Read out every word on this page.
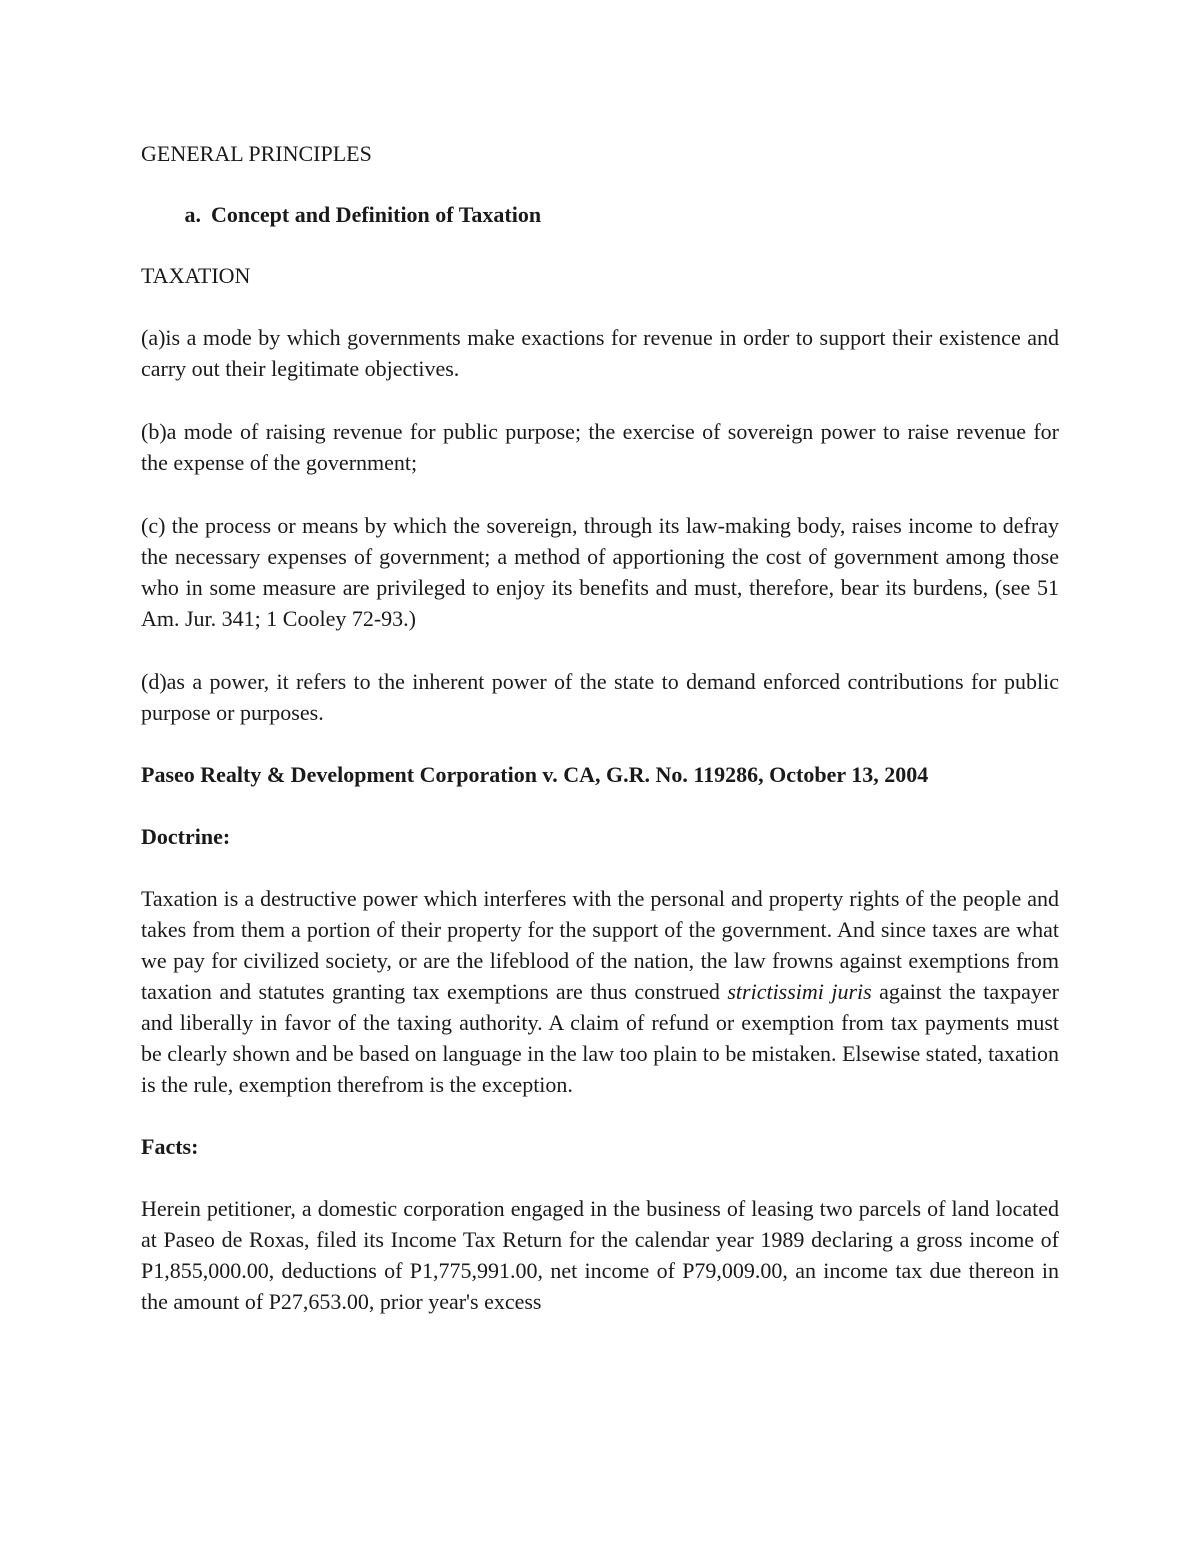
GENERAL PRINCIPLES

a. Concept and Definition of Taxation

TAXATION

(a)is a mode by which governments make exactions for revenue in order to support their existence and carry out their legitimate objectives.

(b)a mode of raising revenue for public purpose; the exercise of sovereign power to raise revenue for the expense of the government;

(c) the process or means by which the sovereign, through its law-making body, raises income to defray the necessary expenses of government; a method of apportioning the cost of government among those who in some measure are privileged to enjoy its benefits and must, therefore, bear its burdens, (see 51 Am. Jur. 341; 1 Cooley 72-93.)

(d)as a power, it refers to the inherent power of the state to demand enforced contributions for public purpose or purposes.

Paseo Realty & Development Corporation v. CA, G.R. No. 119286, October 13, 2004

Doctrine:

Taxation is a destructive power which interferes with the personal and property rights of the people and takes from them a portion of their property for the support of the government. And since taxes are what we pay for civilized society, or are the lifeblood of the nation, the law frowns against exemptions from taxation and statutes granting tax exemptions are thus construed strictissimi juris against the taxpayer and liberally in favor of the taxing authority. A claim of refund or exemption from tax payments must be clearly shown and be based on language in the law too plain to be mistaken. Elsewise stated, taxation is the rule, exemption therefrom is the exception.

Facts:

Herein petitioner, a domestic corporation engaged in the business of leasing two parcels of land located at Paseo de Roxas, filed its Income Tax Return for the calendar year 1989 declaring a gross income of P1,855,000.00, deductions of P1,775,991.00, net income of P79,009.00, an income tax due thereon in the amount of P27,653.00, prior year's excess
